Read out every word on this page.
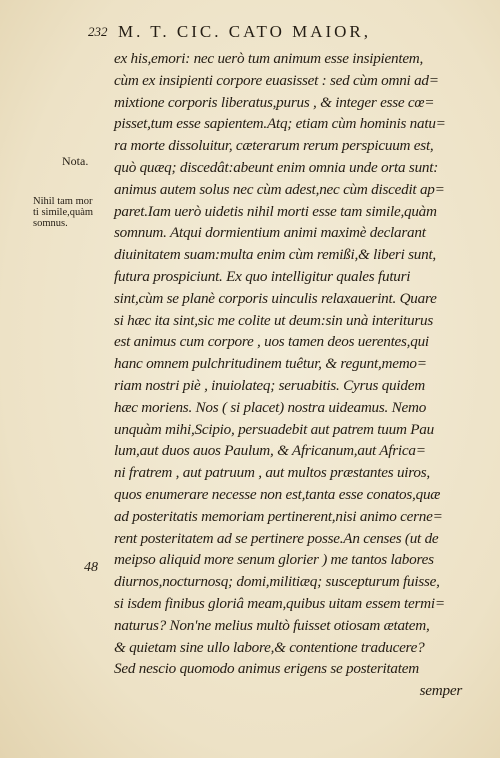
232 M. T. CIC. CATO MAIOR,
Nota.
Nihil tam mor
ti simile,quàm
somnus.
48
ex his,emori: nec uerò tum animum esse insipientem,
cùm ex insipienti corpore euasisset : sed cùm omni ad=
mixtione corporis liberatus,purus , & integer esse cœ=
pisset,tum esse sapientem.Atq; etiam cùm hominis natu=
ra morte dissoluitur, cæterarum rerum perspicuum est,
quò quæq; discedât:abeunt enim omnia unde orta sunt:
animus autem solus nec cùm adest,nec cùm discedit ap=
paret.Iam uerò uidetis nihil morti esse tam simile,quàm
somnum. Atqui dormientium animi maximè declarant
diuinitatem suam:multa enim cùm remißi,& liberi sunt,
futura prospiciunt. Ex quo intelligitur quales futuri
sint,cùm se planè corporis uinculis relaxauerint. Quare
si hæc ita sint,sic me colite ut deum:sin unà interiturus
est animus cum corpore , uos tamen deos uerentes,qui
hanc omnem pulchritudinem tuêtur, & regunt,memo=
riam nostri piè , inuiolateq; seruabitis. Cyrus quidem
hæc moriens. Nos ( si placet) nostra uideamus. Nemo
unquàm mihi,Scipio, persuadebit aut patrem tuum Pau
lum,aut duos auos Paulum, & Africanum,aut Africa=
ni fratrem , aut patruum , aut multos præstantes uiros,
quos enumerare necesse non est,tanta esse conatos,quæ
ad posteritatis memoriam pertinerent,nisi animo cerne=
rent posteritatem ad se pertinere posse.An censes (ut de
meipso aliquid more senum glorier ) me tantos labores
diurnos,nocturnosq; domi,militiæq; suscepturum fuisse,
si isdem finibus gloriâ meam,quibus uitam essem termi=
naturus? Non'ne melius multò fuisset otiosam ætatem,
& quietam sine ullo labore,& contentione traducere?
Sed nescio quomodo animus erigens se posteritatem
semper
